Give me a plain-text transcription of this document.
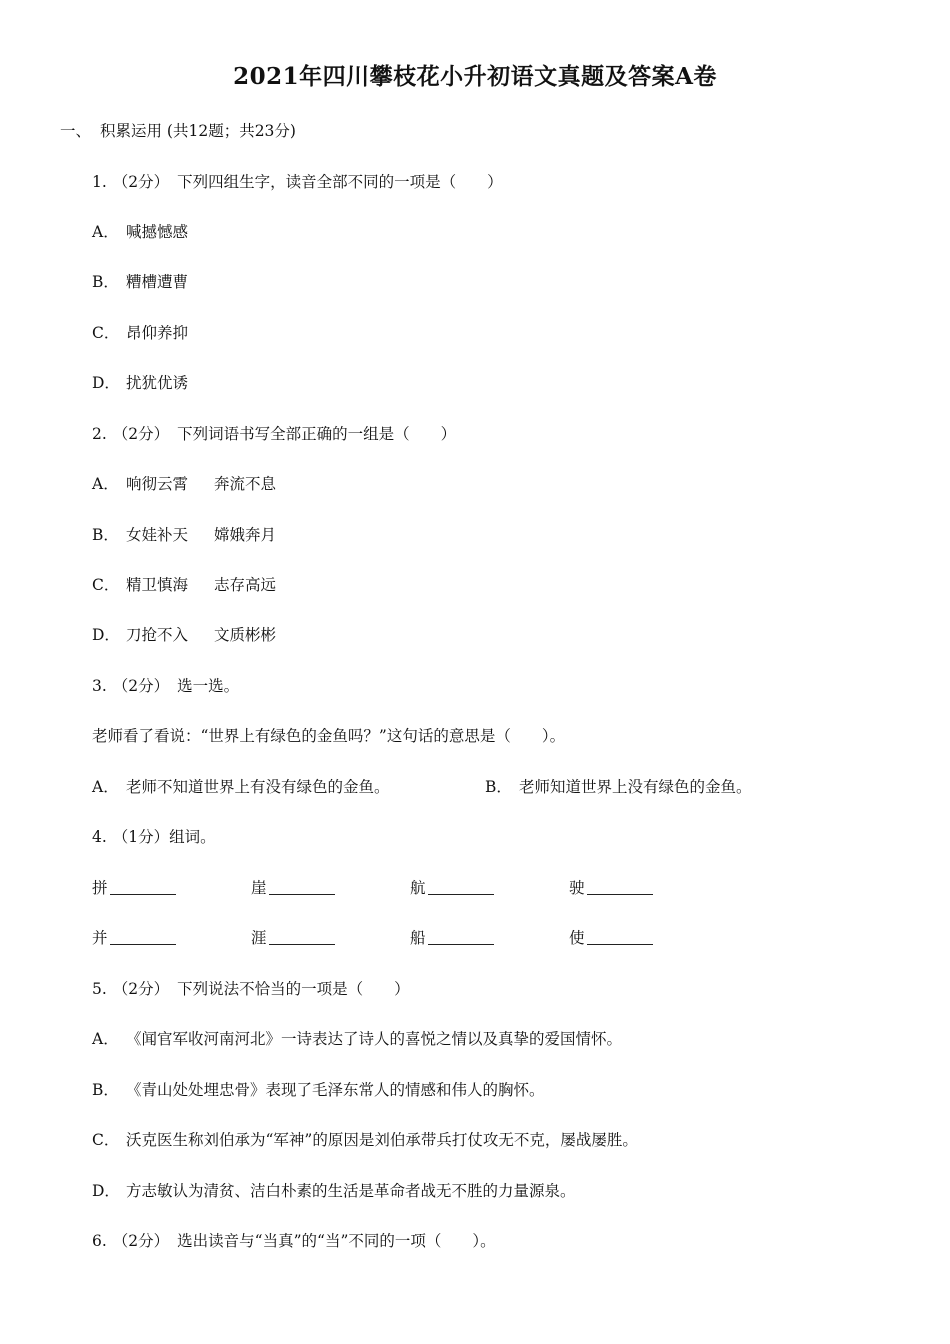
2021年四川攀枝花小升初语文真题及答案A卷
一、 积累运用 (共12题；共23分)
1. （2分） 下列四组生字，读音全部不同的一项是（　　）
A． 喊撼憾感
B． 糟槽遭曹
C． 昂仰养抑
D． 扰犹优诱
2. （2分） 下列词语书写全部正确的一组是（　　）
A． 响彻云霄 奔流不息
B． 女娃补天 嫦娥奔月
C． 精卫慎海 志存高远
D． 刀抢不入 文质彬彬
3. （2分） 选一选。
老师看了看说：“世界上有绿色的金鱼吗？”这句话的意思是（　　）。
A． 老师不知道世界上有没有绿色的金鱼。	B． 老师知道世界上没有绿色的金鱼。
4. （1分）组词。
拼	崖	航	驶
并	涯	船	使
5. （2分） 下列说法不恰当的一项是（　　）
A． 《闻官军收河南河北》一诗表达了诗人的喜悦之情以及真挚的爱国情怀。
B． 《青山处处埋忠骨》表现了毛泽东常人的情感和伟人的胸怀。
C． 沃克医生称刘伯承为“军神”的原因是刘伯承带兵打仗攻无不克，屡战屡胜。
D． 方志敏认为清贫、洁白朴素的生活是革命者战无不胜的力量源泉。
6. （2分） 选出读音与“当真”的“当”不同的一项（　　）。
